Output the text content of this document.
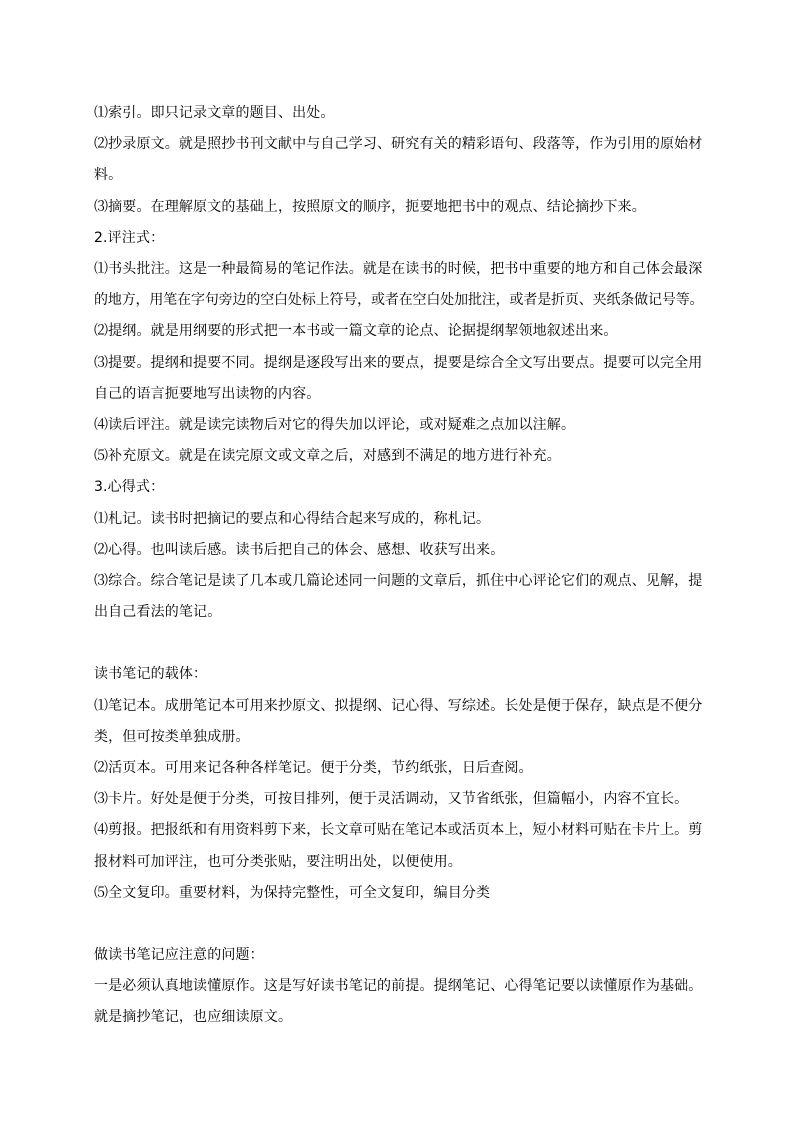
⑴索引。即只记录文章的题目、出处。

⑵抄录原文。就是照抄书刊文献中与自己学习、研究有关的精彩语句、段落等，作为引用的原始材

料。

⑶摘要。在理解原文的基础上，按照原文的顺序，扼要地把书中的观点、结论摘抄下来。

2.评注式：

⑴书头批注。这是一种最简易的笔记作法。就是在读书的时候，把书中重要的地方和自己体会最深

的地方，用笔在字句旁边的空白处标上符号，或者在空白处加批注，或者是折页、夹纸条做记号等。

⑵提纲。就是用纲要的形式把一本书或一篇文章的论点、论据提纲挈领地叙述出来。

⑶提要。提纲和提要不同。提纲是逐段写出来的要点，提要是综合全文写出要点。提要可以完全用

自己的语言扼要地写出读物的内容。

⑷读后评注。就是读完读物后对它的得失加以评论，或对疑难之点加以注解。

⑸补充原文。就是在读完原文或文章之后，对感到不满足的地方进行补充。

3.心得式：

⑴札记。读书时把摘记的要点和心得结合起来写成的，称札记。

⑵心得。也叫读后感。读书后把自己的体会、感想、收获写出来。

⑶综合。综合笔记是读了几本或几篇论述同一问题的文章后，抓住中心评论它们的观点、见解，提

出自己看法的笔记。

读书笔记的载体：

⑴笔记本。成册笔记本可用来抄原文、拟提纲、记心得、写综述。长处是便于保存，缺点是不便分

类，但可按类单独成册。

⑵活页本。可用来记各种各样笔记。便于分类，节约纸张，日后查阅。

⑶卡片。好处是便于分类，可按目排列，便于灵活调动，又节省纸张，但篇幅小，内容不宜长。

⑷剪报。把报纸和有用资料剪下来，长文章可贴在笔记本或活页本上，短小材料可贴在卡片上。剪

报材料可加评注，也可分类张贴，要注明出处，以便使用。

⑸全文复印。重要材料，为保持完整性，可全文复印，编目分类

做读书笔记应注意的问题：

一是必须认真地读懂原作。这是写好读书笔记的前提。提纲笔记、心得笔记要以读懂原作为基础。

就是摘抄笔记，也应细读原文。
